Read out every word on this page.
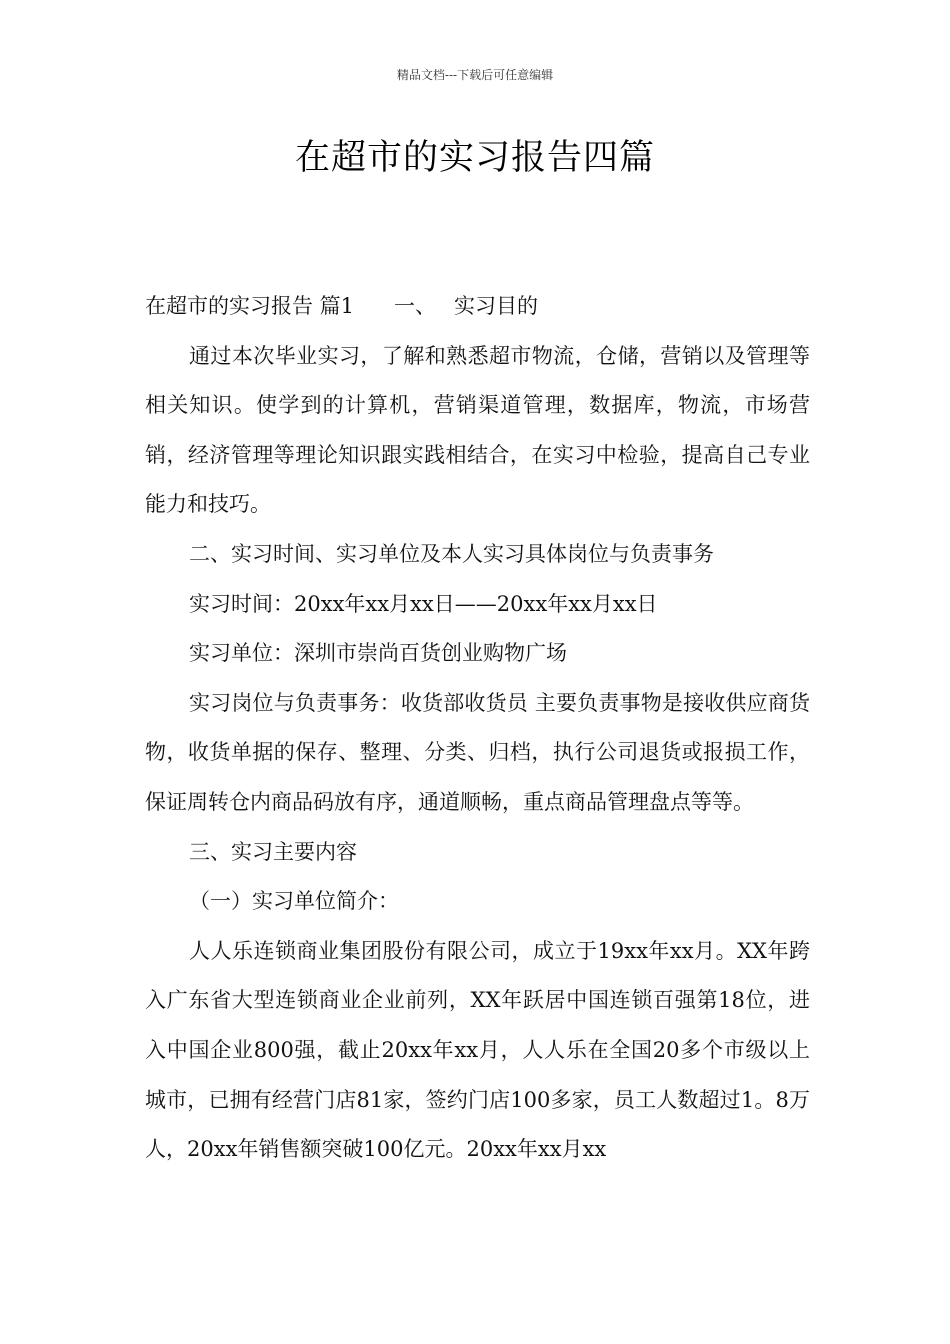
精品文档---下载后可任意编辑
在超市的实习报告四篇

在超市的实习报告 篇1 一、 实习目的

通过本次毕业实习，了解和熟悉超市物流，仓储，营销以及管理等相关知识。使学到的计算机，营销渠道管理，数据库，物流，市场营销，经济管理等理论知识跟实践相结合，在实习中检验，提高自己专业能力和技巧。

二、实习时间、实习单位及本人实习具体岗位与负责事务

实习时间：20xx年xx月xx日——20xx年xx月xx日

实习单位：深圳市崇尚百货创业购物广场

实习岗位与负责事务：收货部收货员 主要负责事物是接收供应商货物，收货单据的保存、整理、分类、归档，执行公司退货或报损工作，保证周转仓内商品码放有序，通道顺畅，重点商品管理盘点等等。

三、实习主要内容

（一）实习单位简介：

人人乐连锁商业集团股份有限公司，成立于19xx年xx月。XX年跨入广东省大型连锁商业企业前列，XX年跃居中国连锁百强第18位，进入中国企业800强，截止20xx年xx月，人人乐在全国20多个市级以上城市，已拥有经营门店81家，签约门店100多家，员工人数超过1。8万人，20xx年销售额突破100亿元。20xx年xx月xx
